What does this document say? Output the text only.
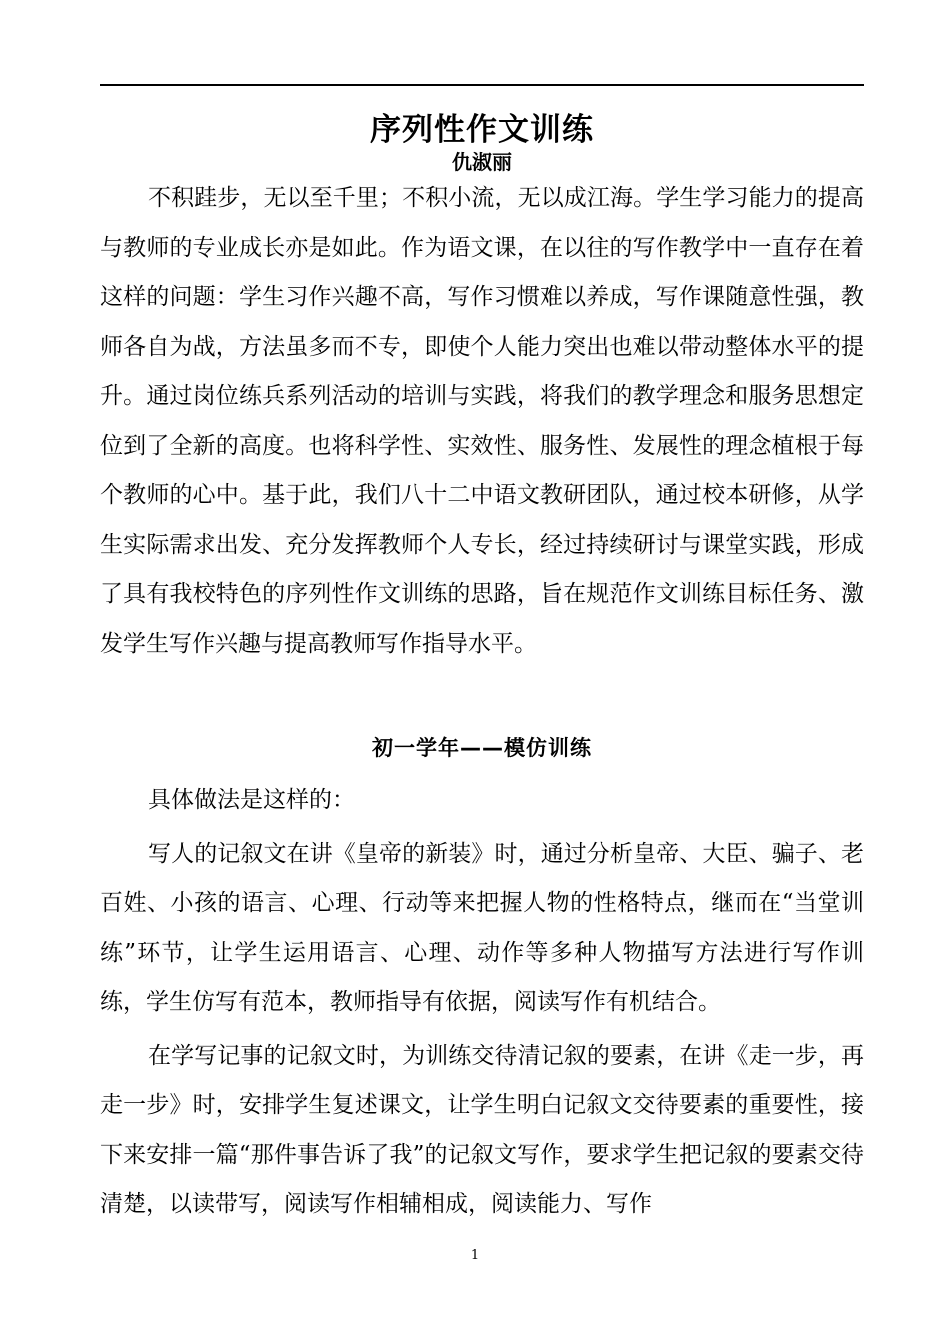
序列性作文训练
仇淑丽

不积跬步，无以至千里；不积小流，无以成江海。学生学习能力的提高与教师的专业成长亦是如此。作为语文课，在以往的写作教学中一直存在着这样的问题：学生习作兴趣不高，写作习惯难以养成，写作课随意性强，教师各自为战，方法虽多而不专，即使个人能力突出也难以带动整体水平的提升。通过岗位练兵系列活动的培训与实践，将我们的教学理念和服务思想定位到了全新的高度。也将科学性、实效性、服务性、发展性的理念植根于每个教师的心中。基于此，我们八十二中语文教研团队，通过校本研修，从学生实际需求出发、充分发挥教师个人专长，经过持续研讨与课堂实践，形成了具有我校特色的序列性作文训练的思路，旨在规范作文训练目标任务、激发学生写作兴趣与提高教师写作指导水平。

初一学年——模仿训练

具体做法是这样的：

写人的记叙文在讲《皇帝的新装》时，通过分析皇帝、大臣、骗子、老百姓、小孩的语言、心理、行动等来把握人物的性格特点，继而在“当堂训练”环节，让学生运用语言、心理、动作等多种人物描写方法进行写作训练，学生仿写有范本，教师指导有依据，阅读写作有机结合。

在学写记事的记叙文时，为训练交待清记叙的要素，在讲《走一步，再走一步》时，安排学生复述课文，让学生明白记叙文交待要素的重要性，接下来安排一篇“那件事告诉了我”的记叙文写作，要求学生把记叙的要素交待清楚，以读带写，阅读写作相辅相成，阅读能力、写作

1
